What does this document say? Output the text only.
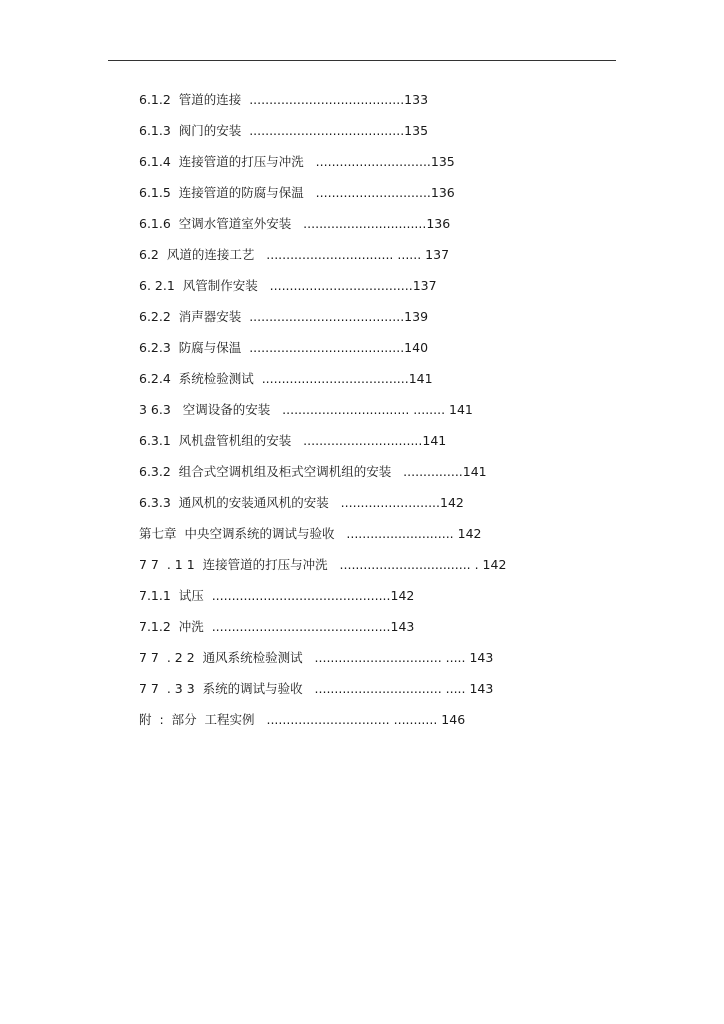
6.1.2  管道的连接  .......................................133
6.1.3  阀门的安装  .......................................135
6.1.4  连接管道的打压与冲洗   .............................135
6.1.5  连接管道的防腐与保温   .............................136
6.1.6  空调水管道室外安装   ...............................136
6.2  风道的连接工艺   ................................ ...... 137
6. 2.1  风管制作安装   ....................................137
6.2.2  消声器安装  .......................................139
6.2.3  防腐与保温  .......................................140
6.2.4  系统检验测试  .....................................141
3 6.3   空调设备的安装   ................................ ........ 141
6.3.1  风机盘管机组的安装   ..............................141
6.3.2  组合式空调机组及柜式空调机组的安装   ...............141
6.3.3  通风机的安装通风机的安装   .........................142
第七章  中央空调系统的调试与验收   ........................... 142
7 7  . 1 1  连接管道的打压与冲洗   ................................. . 142
7.1.1  试压  .............................................142
7.1.2  冲洗  .............................................143
7 7  . 2 2  通风系统检验测试   ................................ ..... 143
7 7  . 3 3  系统的调试与验收   ................................ ..... 143
附  :  部分  工程实例   ............................... ........... 146
